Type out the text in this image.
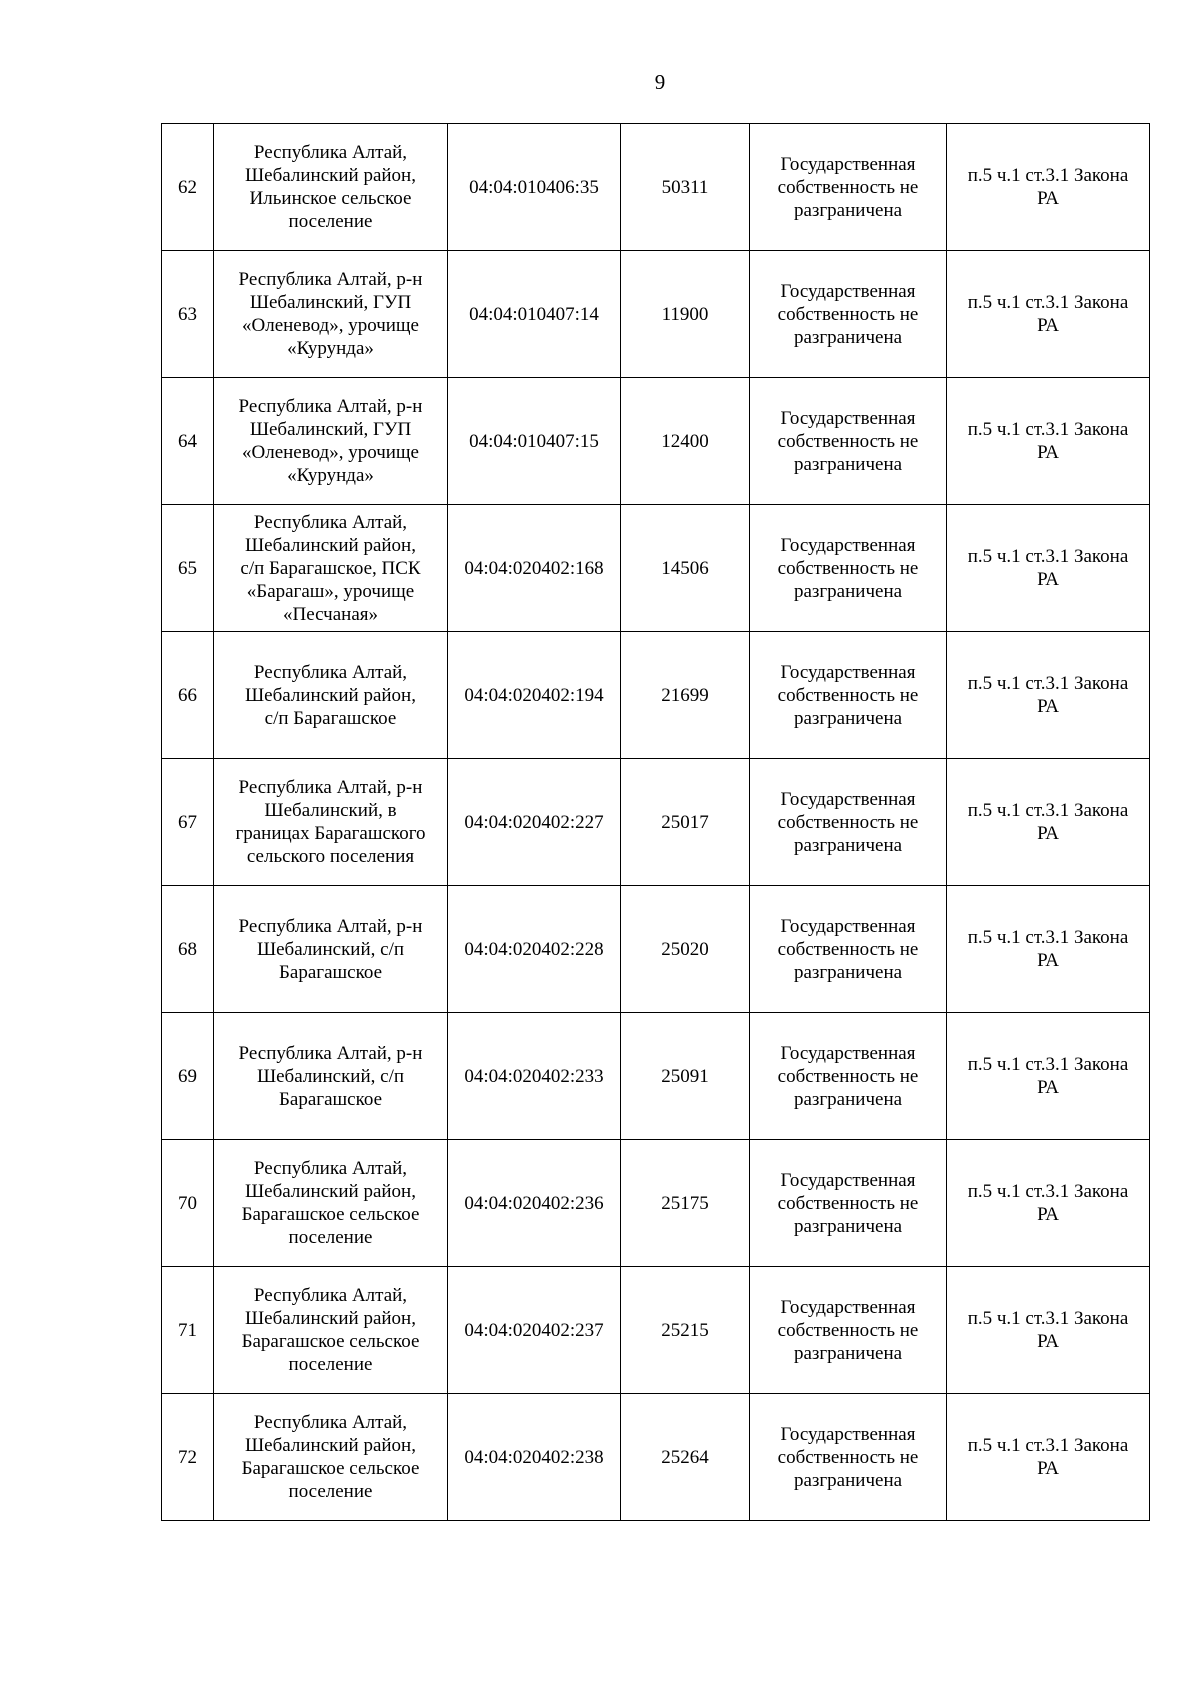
9
62	Республика Алтай,
Шебалинский район,
Ильинское сельское
поселение	04:04:010406:35	50311	Государственная
собственность не
разграничена	п.5 ч.1 ст.3.1 Закона
РА
63	Республика Алтай, р-н
Шебалинский, ГУП
«Оленевод», урочище
«Курунда»	04:04:010407:14	11900	Государственная
собственность не
разграничена	п.5 ч.1 ст.3.1 Закона
РА
64	Республика Алтай, р-н
Шебалинский, ГУП
«Оленевод», урочище
«Курунда»	04:04:010407:15	12400	Государственная
собственность не
разграничена	п.5 ч.1 ст.3.1 Закона
РА
65	Республика Алтай,
Шебалинский район,
с/п Барагашское, ПСК
«Барагаш», урочище
«Песчаная»	04:04:020402:168	14506	Государственная
собственность не
разграничена	п.5 ч.1 ст.3.1 Закона
РА
66	Республика Алтай,
Шебалинский район,
с/п Барагашское	04:04:020402:194	21699	Государственная
собственность не
разграничена	п.5 ч.1 ст.3.1 Закона
РА
67	Республика Алтай, р-н
Шебалинский, в
границах Барагашского
сельского поселения	04:04:020402:227	25017	Государственная
собственность не
разграничена	п.5 ч.1 ст.3.1 Закона
РА
68	Республика Алтай, р-н
Шебалинский, с/п
Барагашское	04:04:020402:228	25020	Государственная
собственность не
разграничена	п.5 ч.1 ст.3.1 Закона
РА
69	Республика Алтай, р-н
Шебалинский, с/п
Барагашское	04:04:020402:233	25091	Государственная
собственность не
разграничена	п.5 ч.1 ст.3.1 Закона
РА
70	Республика Алтай,
Шебалинский район,
Барагашское сельское
поселение	04:04:020402:236	25175	Государственная
собственность не
разграничена	п.5 ч.1 ст.3.1 Закона
РА
71	Республика Алтай,
Шебалинский район,
Барагашское сельское
поселение	04:04:020402:237	25215	Государственная
собственность не
разграничена	п.5 ч.1 ст.3.1 Закона
РА
72	Республика Алтай,
Шебалинский район,
Барагашское сельское
поселение	04:04:020402:238	25264	Государственная
собственность не
разграничена	п.5 ч.1 ст.3.1 Закона
РА
